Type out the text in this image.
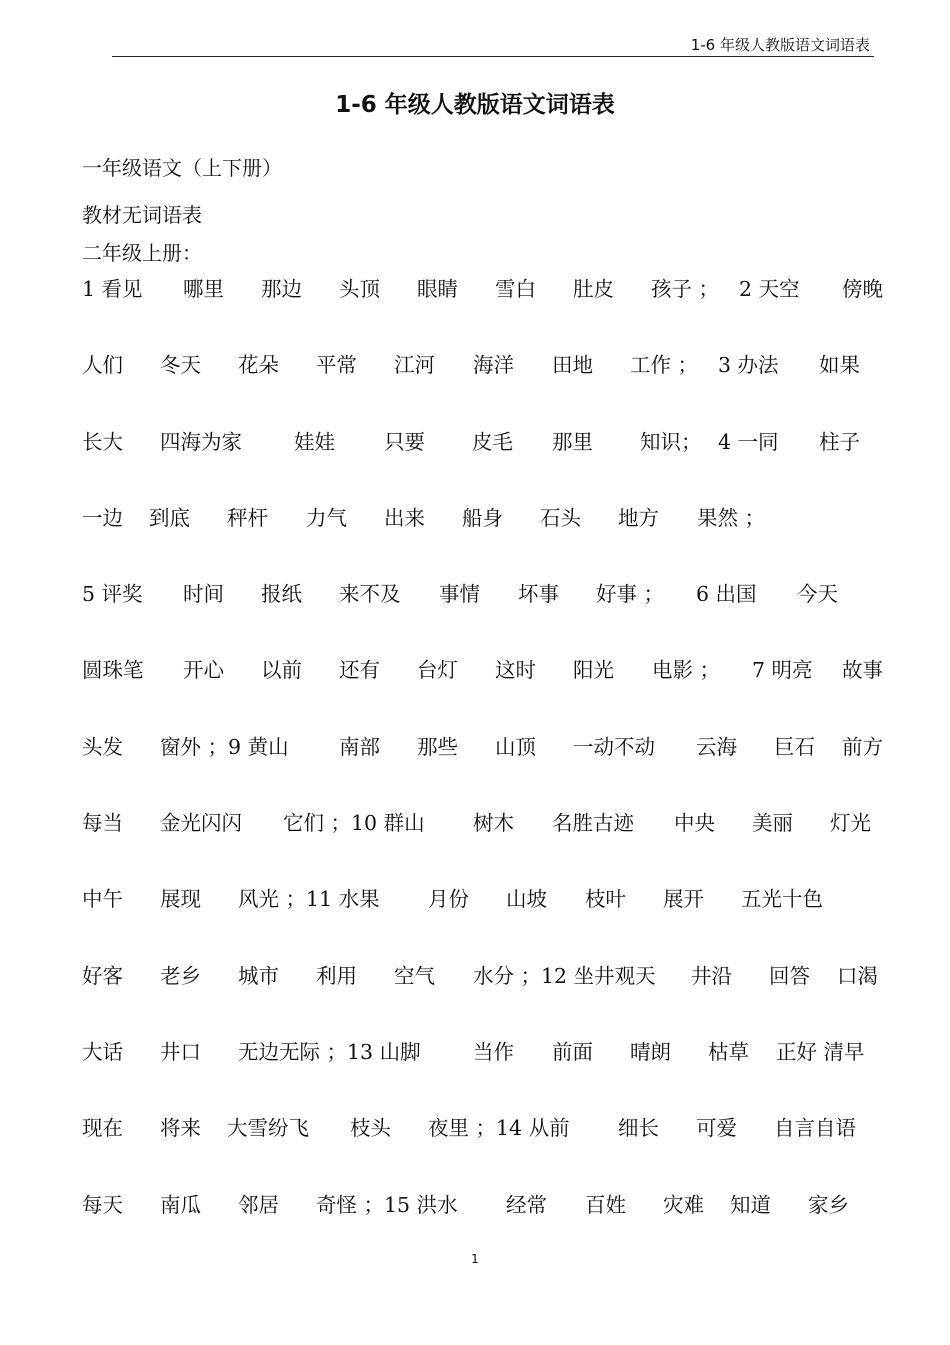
1-6 年级人教版语文词语表
1-6 年级人教版语文词语表
一年级语文（上下册）
教材无词语表
二年级上册：
1 看见 哪里 那边 头顶 眼睛 雪白 肚皮 孩子 ； 2 天空 傍晚
人们 冬天 花朵 平常 江河 海洋 田地 工作 ； 3 办法 如果
长大 四海为家	娃娃 只要 皮毛 那里 知识； 4 一同 柱子
一边 到底 秤杆 力气 出来 船身 石头 地方 果然 ；
5 评奖 时间 报纸 来不及 事情 坏事 好事 ； 6 出国 今天
圆珠笔 开心 以前 还有 台灯 这时 阳光 电影 ； 7 明亮 故事
头发 窗外 ；9 黄山 南部 那些 山顶 一动不动 云海 巨石 前方
每当 金光闪闪 它们 ；10 群山 树木 名胜古迹 中央 美丽 灯光
中午 展现 风光 ；11 水果 月份 山坡 枝叶 展开 五光十色
好客 老乡 城市 利用 空气 水分 ；12 坐井观天 井沿 回答 口渴
大话 井口 无边无际 ；13 山脚	当作 前面 晴朗 枯草 正好 清早
现在 将来 大雪纷飞 枝头 夜里 ；14 从前 细长 可爱 自言自语
每天 南瓜 邻居 奇怪 ；15 洪水 经常 百姓 灾难 知道 家乡
1
